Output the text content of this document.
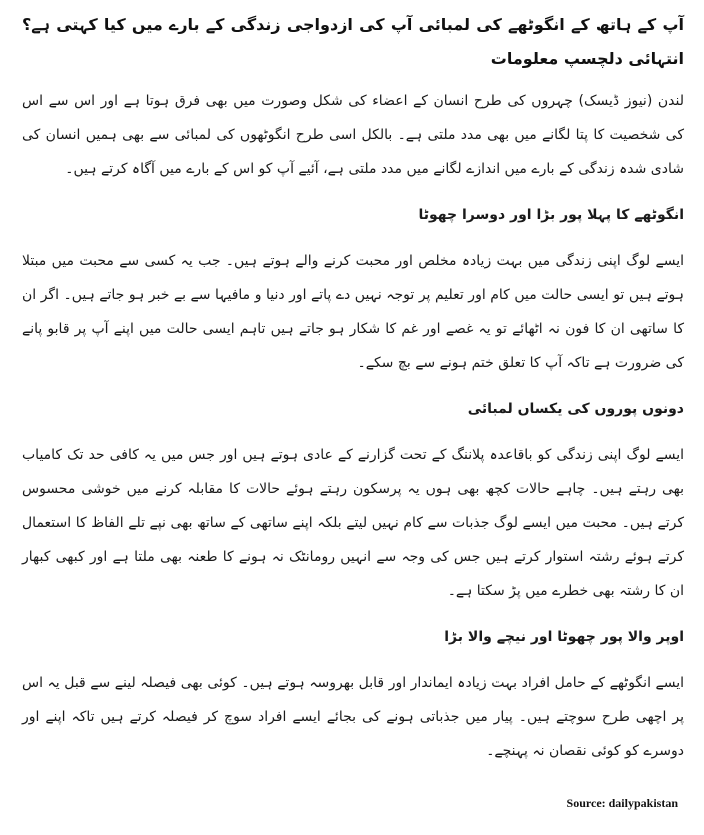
آپ کے ہاتھ کے انگوٹھے کی لمبائی آپ کی ازدواجی زندگی کے بارے میں کیا کہتی ہے؟ انتہائی دلچسپ معلومات

لندن (نیوز ڈیسک) چہروں کی طرح انسان کے اعضاء کی شکل وصورت میں بھی فرق ہوتا ہے اور اس سے اس کی شخصیت کا پتا لگانے میں بھی مدد ملتی ہے۔ بالکل اسی طرح انگوٹھوں کی لمبائی سے بھی ہمیں انسان کی شادی شدہ زندگی کے بارے میں اندازے لگانے میں مدد ملتی ہے، آئیے آپ کو اس کے بارے میں آگاہ کرتے ہیں۔

انگوٹھے کا پہلا پور بڑا اور دوسرا چھوٹا

ایسے لوگ اپنی زندگی میں بہت زیادہ مخلص اور محبت کرنے والے ہوتے ہیں۔ جب یہ کسی سے محبت میں مبتلا ہوتے ہیں تو ایسی حالت میں کام اور تعلیم پر توجہ نہیں دے پاتے اور دنیا و مافیہا سے بے خبر ہو جاتے ہیں۔ اگر ان کا ساتھی ان کا فون نہ اٹھائے تو یہ غصے اور غم کا شکار ہو جاتے ہیں تاہم ایسی حالت میں اپنے آپ پر قابو پانے کی ضرورت ہے تاکہ آپ کا تعلق ختم ہونے سے بچ سکے۔

دونوں پوروں کی یکساں لمبائی

ایسے لوگ اپنی زندگی کو باقاعدہ پلاننگ کے تحت گزارنے کے عادی ہوتے ہیں اور جس میں یہ کافی حد تک کامیاب بھی رہتے ہیں۔ چاہے حالات کچھ بھی ہوں یہ پرسکون رہتے ہوئے حالات کا مقابلہ کرنے میں خوشی محسوس کرتے ہیں۔ محبت میں ایسے لوگ جذبات سے کام نہیں لیتے بلکہ اپنے ساتھی کے ساتھ بھی نپے تلے الفاظ کا استعمال کرتے ہوئے رشتہ استوار کرتے ہیں جس کی وجہ سے انہیں رومانٹک نہ ہونے کا طعنہ بھی ملتا ہے اور کبھی کبھار ان کا رشتہ بھی خطرے میں پڑ سکتا ہے۔

اوپر والا پور چھوٹا اور نیچے والا بڑا

ایسے انگوٹھے کے حامل افراد بہت زیادہ ایماندار اور قابل بھروسہ ہوتے ہیں۔ کوئی بھی فیصلہ لینے سے قبل یہ اس پر اچھی طرح سوچتے ہیں۔ پیار میں جذباتی ہونے کی بجائے ایسے افراد سوچ کر فیصلہ کرتے ہیں تاکہ اپنے اور دوسرے کو کوئی نقصان نہ پہنچے۔

Source: dailypakistan
